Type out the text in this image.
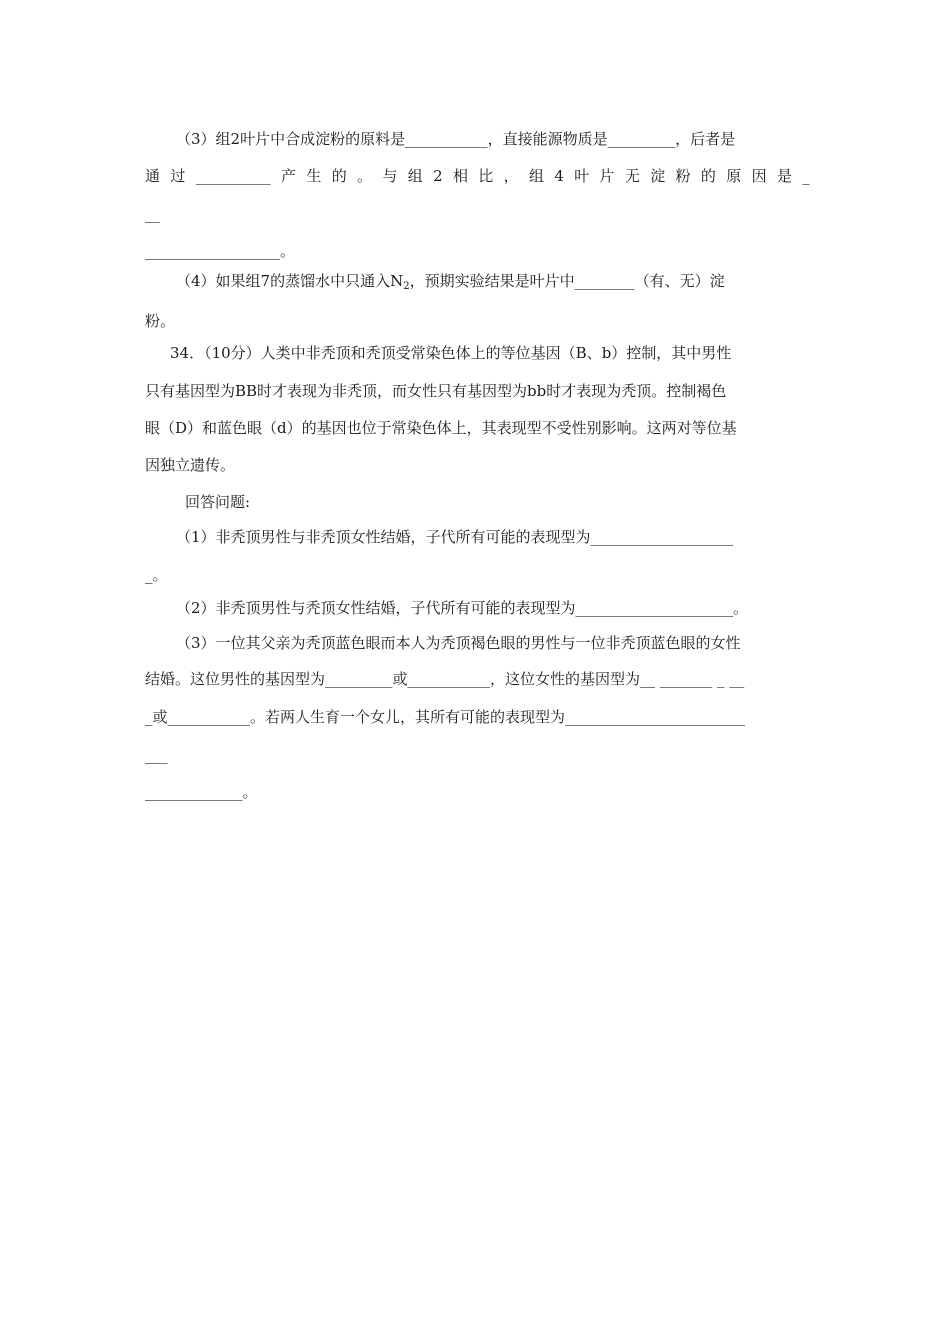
（3）组2叶片中合成淀粉的原料是___________，直接能源物质是_________，后者是
通 过 __________ 产 生 的 。 与 组 2 相 比 ， 组 4 叶 片 无 淀 粉 的 原 因 是 _
__
__________________。
（4）如果组7的蒸馏水中只通入$N_2$，预期实验结果是叶片中________（有、无）淀
粉。
34．（10分）人类中非秃顶和秃顶受常染色体上的等位基因（B、b）控制，其中男性
只有基因型为BB时才表现为非秃顶，而女性只有基因型为bb时才表现为秃顶。控制褐色
眼（D）和蓝色眼（d）的基因也位于常染色体上，其表现型不受性别影响。这两对等位基
因独立遗传。
回答问题:
（1）非秃顶男性与非秃顶女性结婚，子代所有可能的表现型为___________________
_。
（2）非秃顶男性与秃顶女性结婚，子代所有可能的表现型为_____________________。
（3）一位其父亲为秃顶蓝色眼而本人为秃顶褐色眼的男性与一位非秃顶蓝色眼的女性
结婚。这位男性的基因型为_________或___________，这位女性的基因型为__ _______ _ __
_或___________。若两人生育一个女儿，其所有可能的表现型为________________________
___
_____________。
